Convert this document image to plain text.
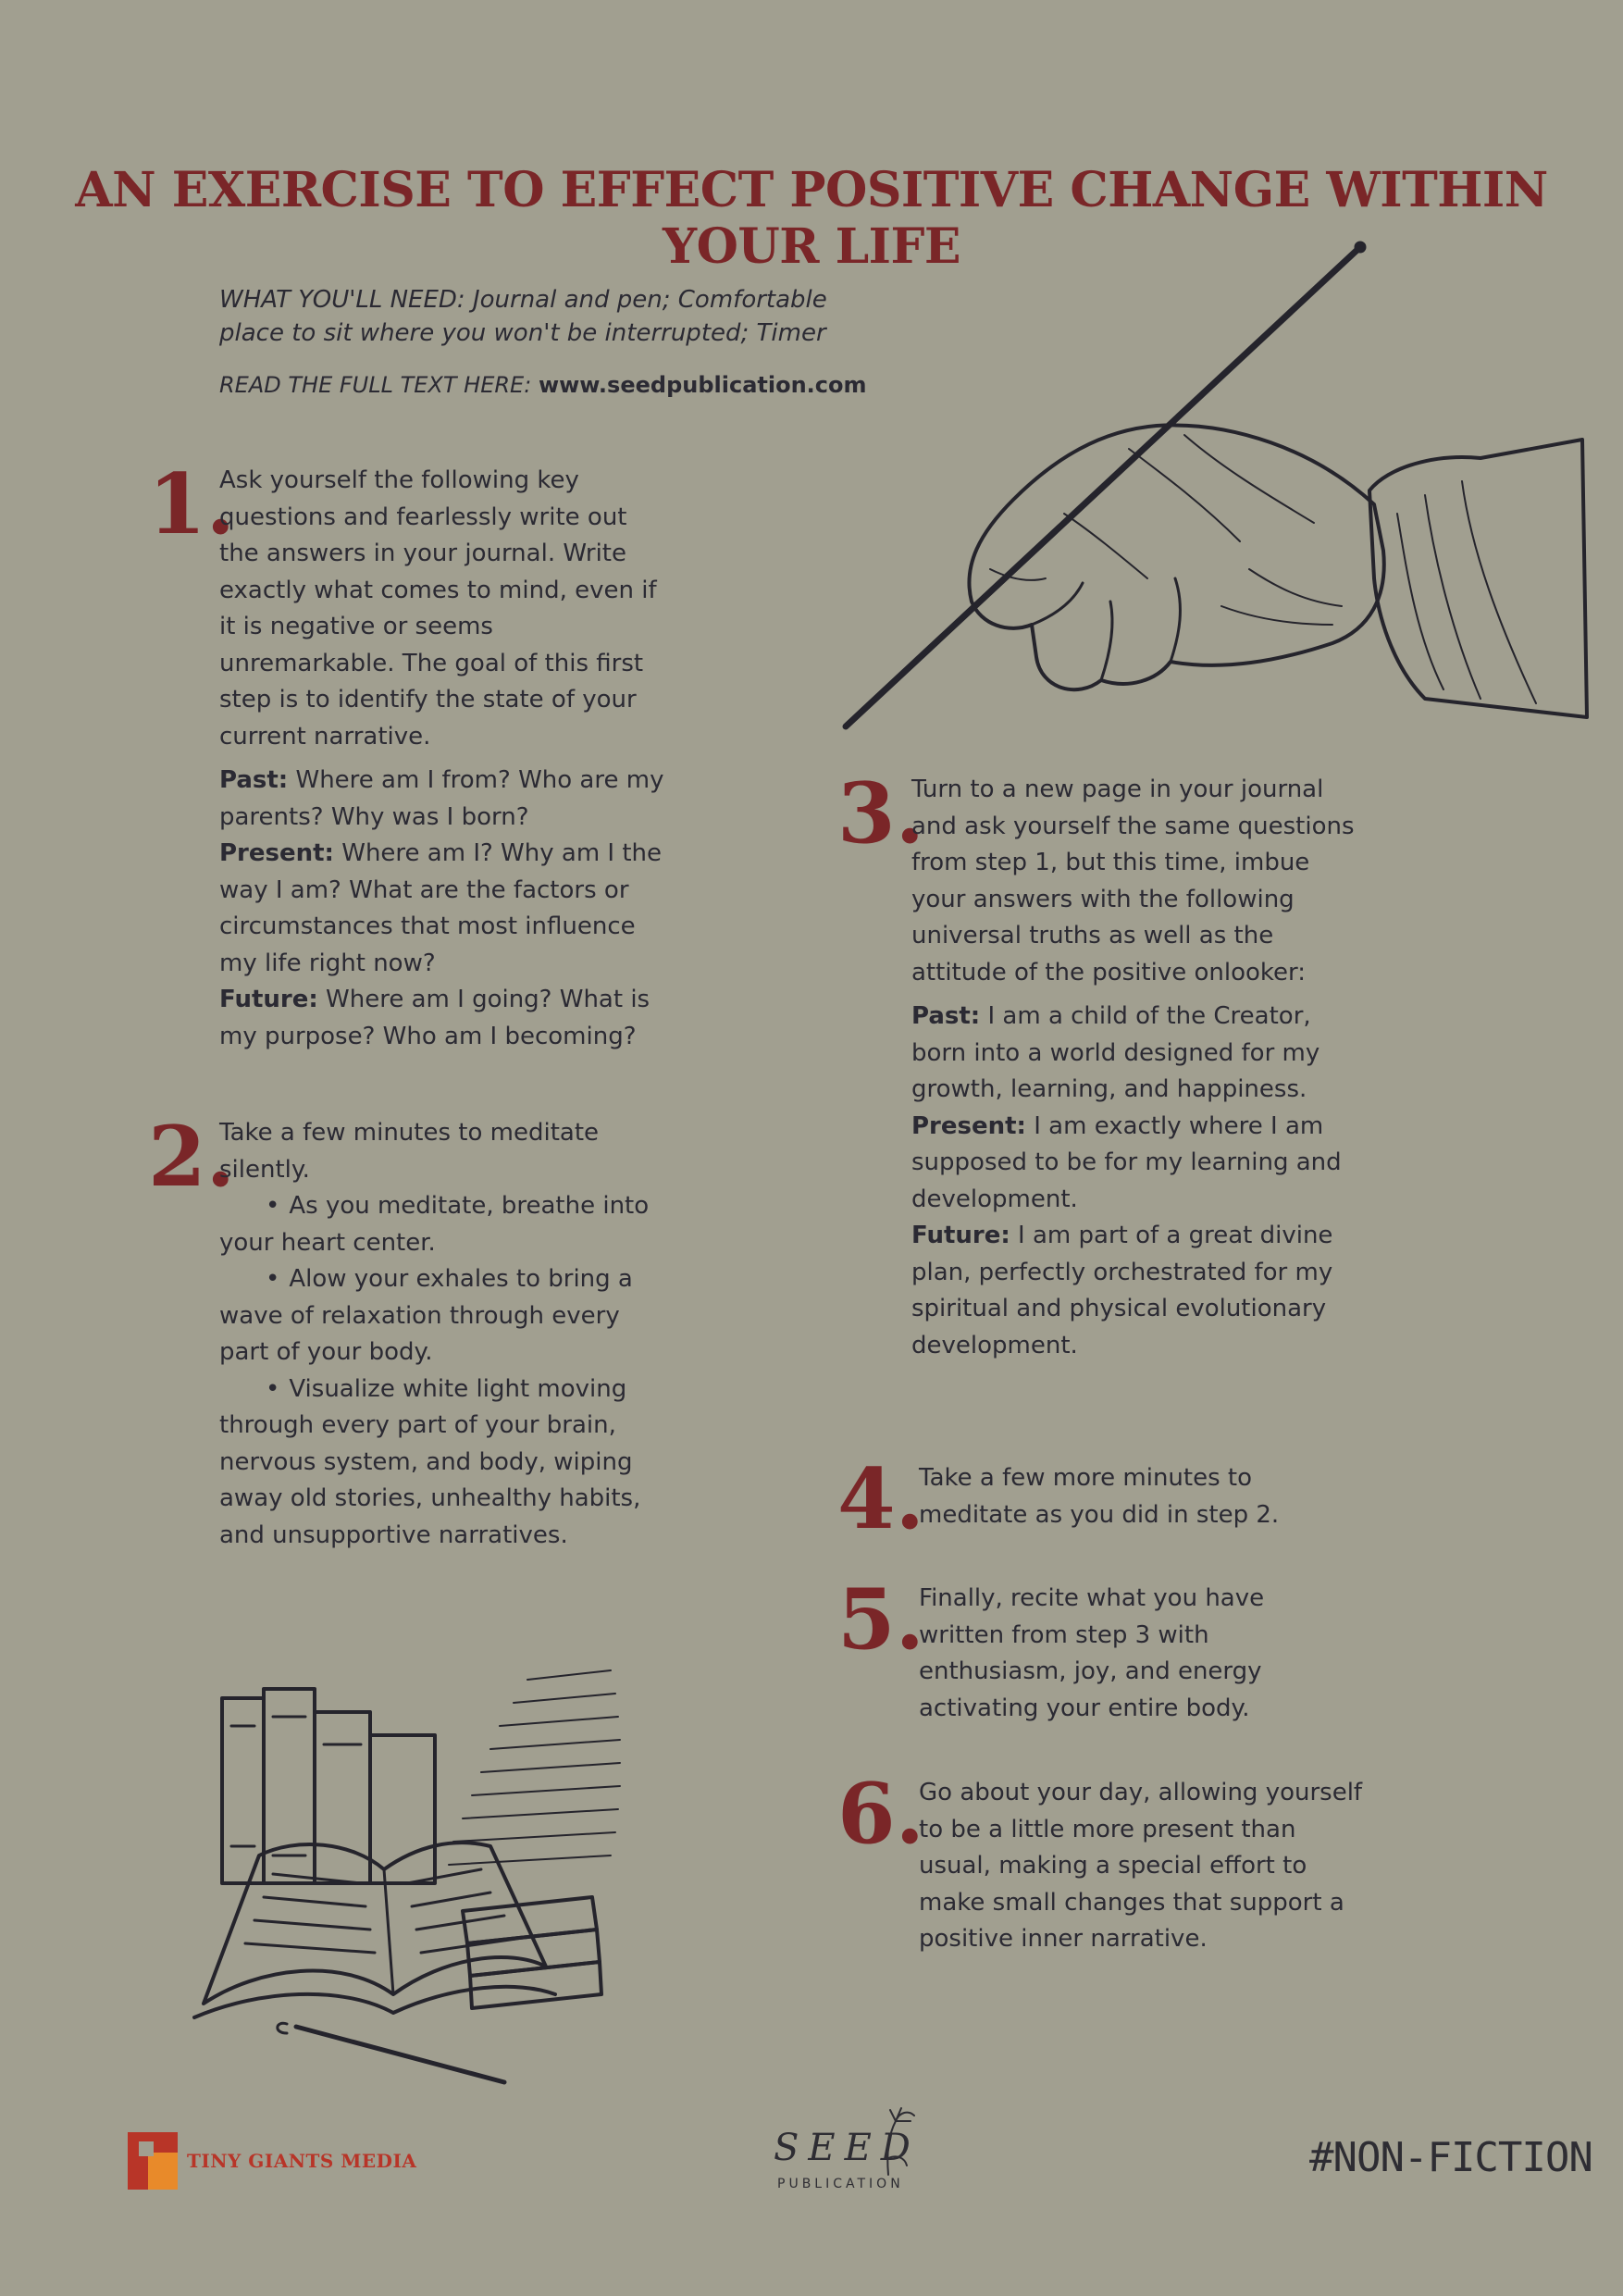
AN EXERCISE TO EFFECT POSITIVE CHANGE WITHIN YOUR LIFE

WHAT YOU'LL NEED: Journal and pen; Comfortable place to sit where you won't be interrupted; Timer

READ THE FULL TEXT HERE: www.seedpublication.com

1.

Ask yourself the following key questions and fearlessly write out the answers in your journal. Write exactly what comes to mind, even if it is negative or seems unremarkable. The goal of this first step is to identify the state of your current narrative.

Past: Where am I from? Who are my parents? Why was I born?

Present: Where am I? Why am I the way I am? What are the factors or circumstances that most influence my life right now?

Future: Where am I going? What is my purpose? Who am I becoming?

2.

Take a few minutes to meditate silently.

• As you meditate, breathe into your heart center.

• Alow your exhales to bring a wave of relaxation through every part of your body.

• Visualize white light moving through every part of your brain, nervous system, and body, wiping away old stories, unhealthy habits, and unsupportive narratives.

3.

Turn to a new page in your journal and ask yourself the same questions from step 1, but this time, imbue your answers with the following universal truths as well as the attitude of the positive onlooker:

Past: I am a child of the Creator, born into a world designed for my growth, learning, and happiness.

Present: I am exactly where I am supposed to be for my learning and development.

Future: I am part of a great divine plan, perfectly orchestrated for my spiritual and physical evolutionary development.

4.

Take a few more minutes to meditate as you did in step 2.

5.

Finally, recite what you have written from step 3 with enthusiasm, joy, and energy activating your entire body.

6.

Go about your day, allowing yourself to be a little more present than usual, making a special effort to make small changes that support a positive inner narrative.

TINY GIANTS MEDIA	SEED
PUBLICATION
#NON-FICTION
